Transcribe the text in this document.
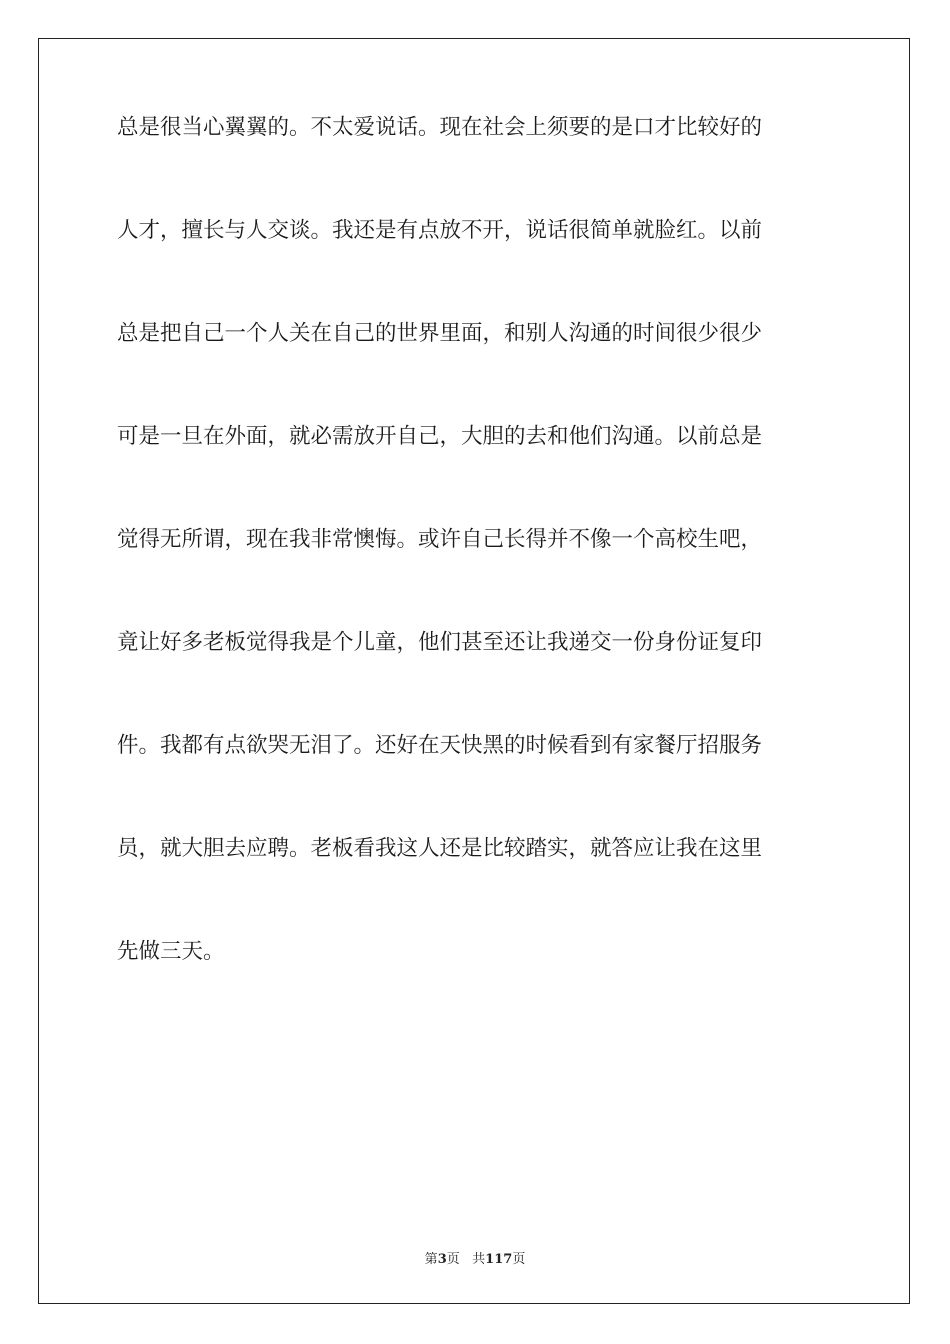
总是很当心翼翼的。不太爱说话。现在社会上须要的是口才比较好的
人才，擅长与人交谈。我还是有点放不开，说话很简单就脸红。以前
总是把自己一个人关在自己的世界里面，和别人沟通的时间很少很少
可是一旦在外面，就必需放开自己，大胆的去和他们沟通。以前总是
觉得无所谓，现在我非常懊悔。或许自己长得并不像一个高校生吧，
竟让好多老板觉得我是个儿童，他们甚至还让我递交一份身份证复印
件。我都有点欲哭无泪了。还好在天快黑的时候看到有家餐厅招服务
员，就大胆去应聘。老板看我这人还是比较踏实，就答应让我在这里
先做三天。
第3页 共117页
